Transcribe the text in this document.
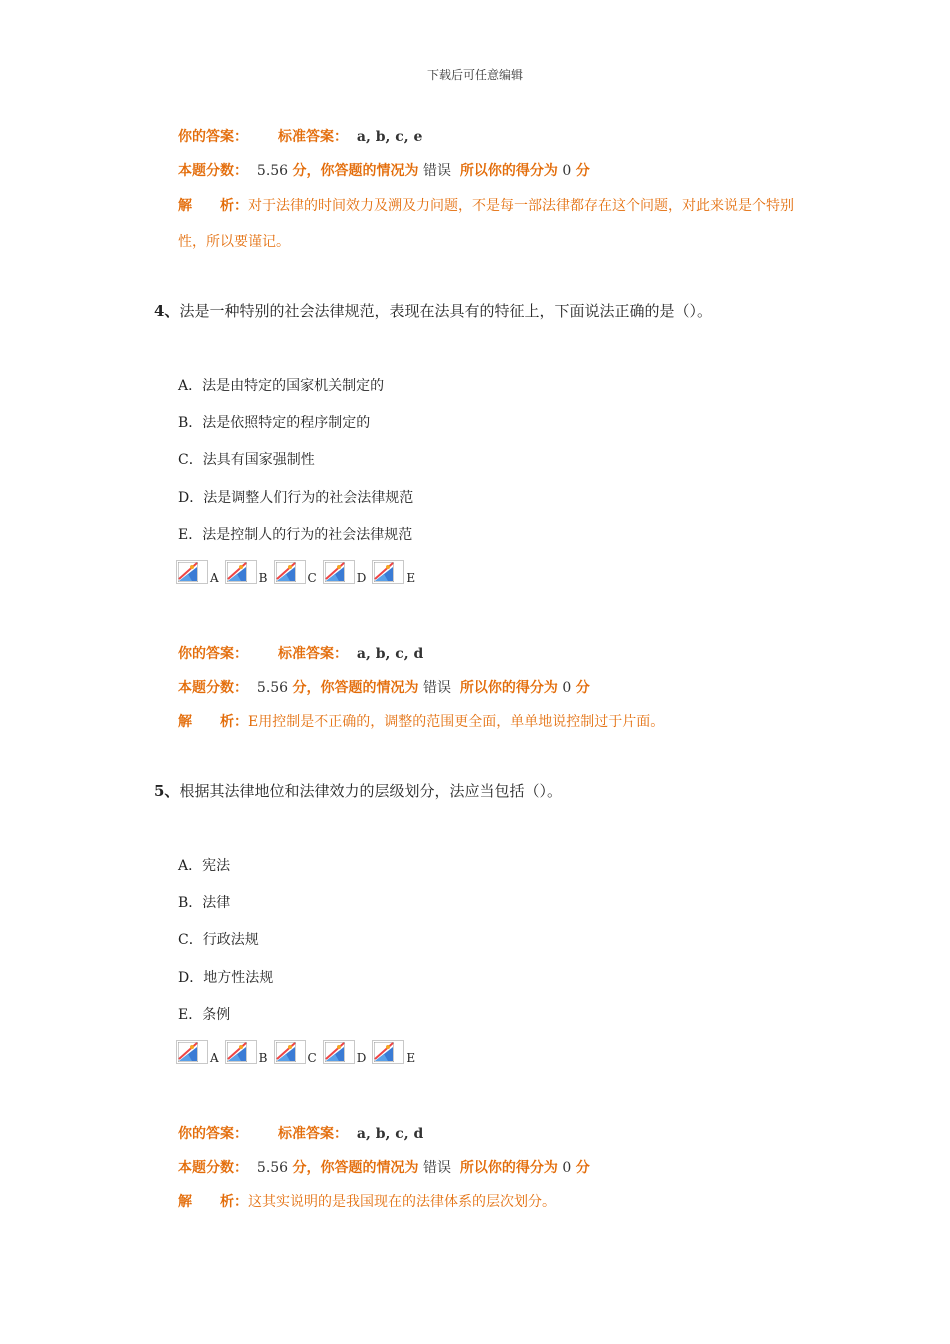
下载后可任意编辑
你的答案： 标准答案： a, b, c, e
本题分数： 5.56 分，你答题的情况为 错误 所以你的得分为 0 分
解　　析：对于法律的时间效力及溯及力问题，不是每一部法律都存在这个问题，对此来说是个特别性，所以要谨记。
4、法是一种特别的社会法律规范，表现在法具有的特征上，下面说法正确的是（）。
A．法是由特定的国家机关制定的
B．法是依照特定的程序制定的
C．法具有国家强制性
D．法是调整人们行为的社会法律规范
E．法是控制人的行为的社会法律规范
A	B	C	D	E
你的答案： 标准答案： a, b, c, d
本题分数： 5.56 分，你答题的情况为 错误 所以你的得分为 0 分
解　　析：E用控制是不正确的，调整的范围更全面，单单地说控制过于片面。
5、根据其法律地位和法律效力的层级划分，法应当包括（）。
A．宪法
B．法律
C．行政法规
D．地方性法规
E．条例
A	B	C	D	E
你的答案： 标准答案： a, b, c, d
本题分数： 5.56 分，你答题的情况为 错误 所以你的得分为 0 分
解　　析：这其实说明的是我国现在的法律体系的层次划分。
